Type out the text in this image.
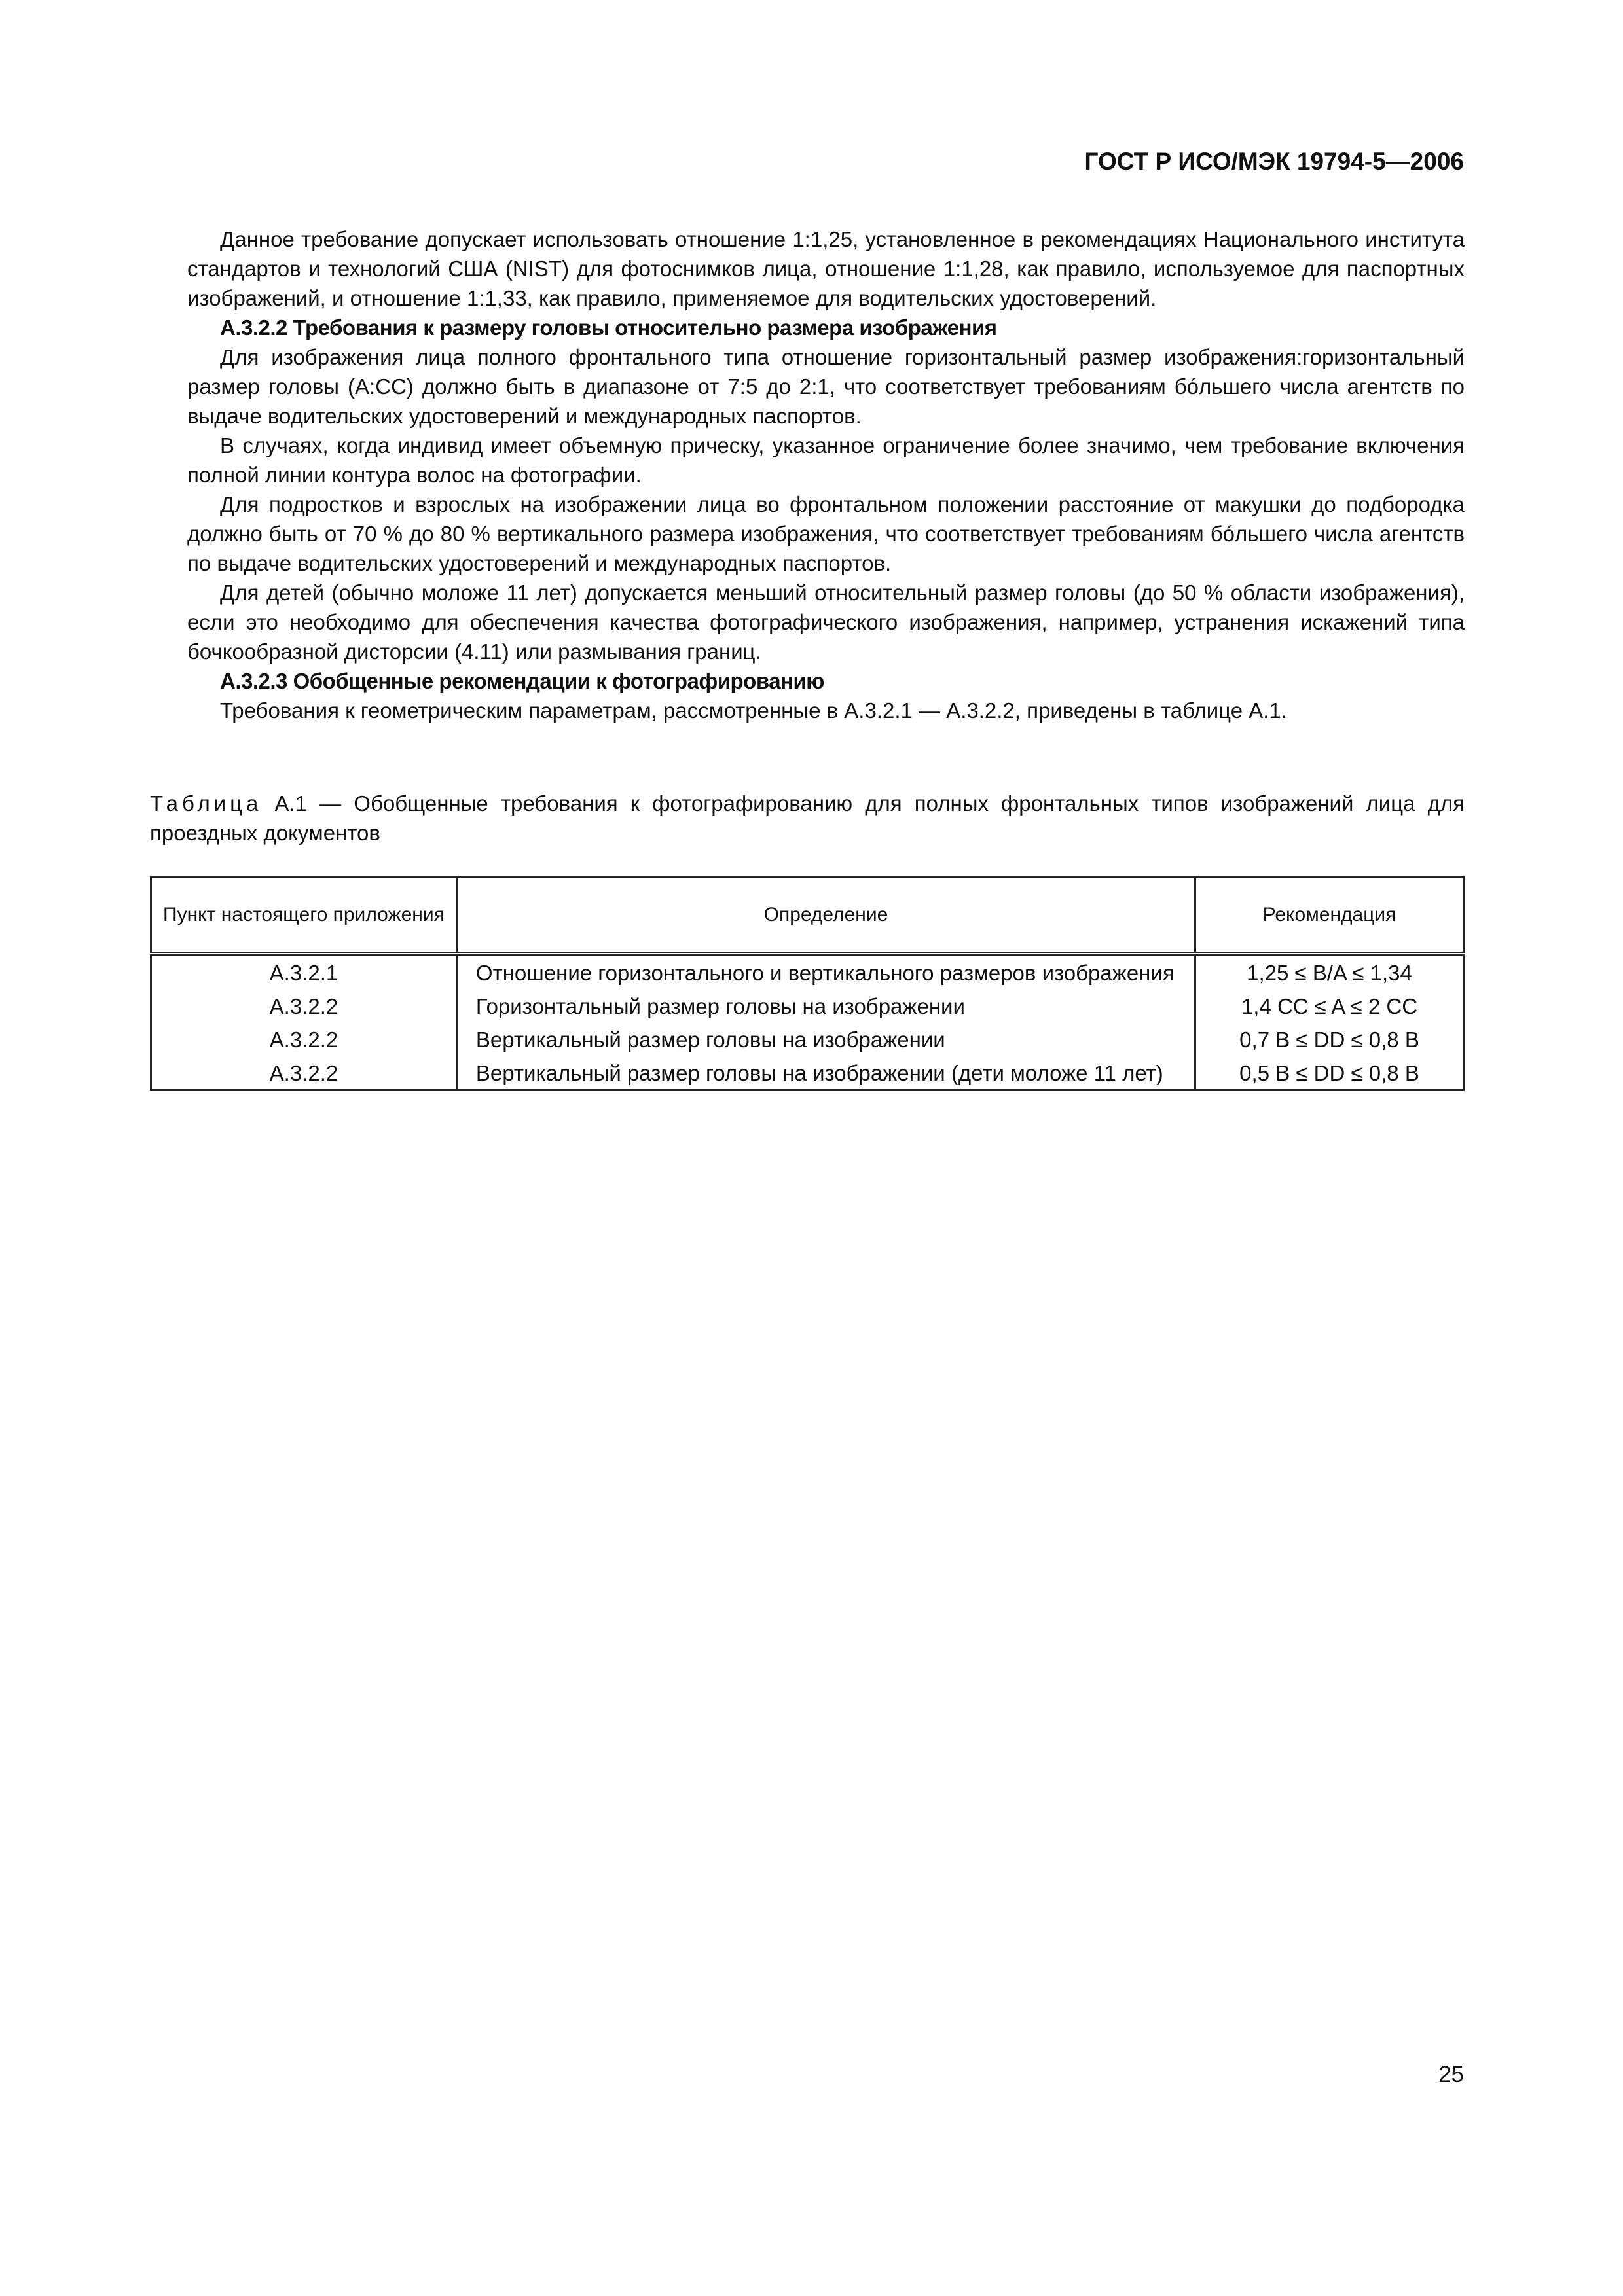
ГОСТ Р ИСО/МЭК 19794-5—2006

Данное требование допускает использовать отношение 1:1,25, установленное в рекомендациях Национального института стандартов и технологий США (NIST) для фотоснимков лица, отношение 1:1,28, как правило, используемое для паспортных изображений, и отношение 1:1,33, как правило, применяемое для водительских удостоверений.

А.3.2.2 Требования к размеру головы относительно размера изображения

Для изображения лица полного фронтального типа отношение горизонтальный размер изображения:горизонтальный размер головы (А:СС) должно быть в диапазоне от 7:5 до 2:1, что соответствует требованиям бóльшего числа агентств по выдаче водительских удостоверений и международных паспортов.

В случаях, когда индивид имеет объемную прическу, указанное ограничение более значимо, чем требование включения полной линии контура волос на фотографии.

Для подростков и взрослых на изображении лица во фронтальном положении расстояние от макушки до подбородка должно быть от 70 % до 80 % вертикального размера изображения, что соответствует требованиям бóльшего числа агентств по выдаче водительских удостоверений и международных паспортов.

Для детей (обычно моложе 11 лет) допускается меньший относительный размер головы (до 50 % области изображения), если это необходимо для обеспечения качества фотографического изображения, например, устранения искажений типа бочкообразной дисторсии (4.11) или размывания границ.

А.3.2.3 Обобщенные рекомендации к фотографированию

Требования к геометрическим параметрам, рассмотренные в А.3.2.1 — А.3.2.2, приведены в таблице А.1.

Таблица А.1 — Обобщенные требования к фотографированию для полных фронтальных типов изображений лица для проездных документов
Пункт настоящего приложения	Определение	Рекомендация
А.3.2.1	Отношение горизонтального и вертикального размеров изображения	1,25 ≤ B/A ≤ 1,34
А.3.2.2	Горизонтальный размер головы на изображении	1,4 CC ≤ A ≤ 2 CC
А.3.2.2	Вертикальный размер головы на изображении	0,7 B ≤ DD ≤ 0,8 B
А.3.2.2	Вертикальный размер головы на изображении (дети моложе 11 лет)	0,5 B ≤ DD ≤ 0,8 B
25
